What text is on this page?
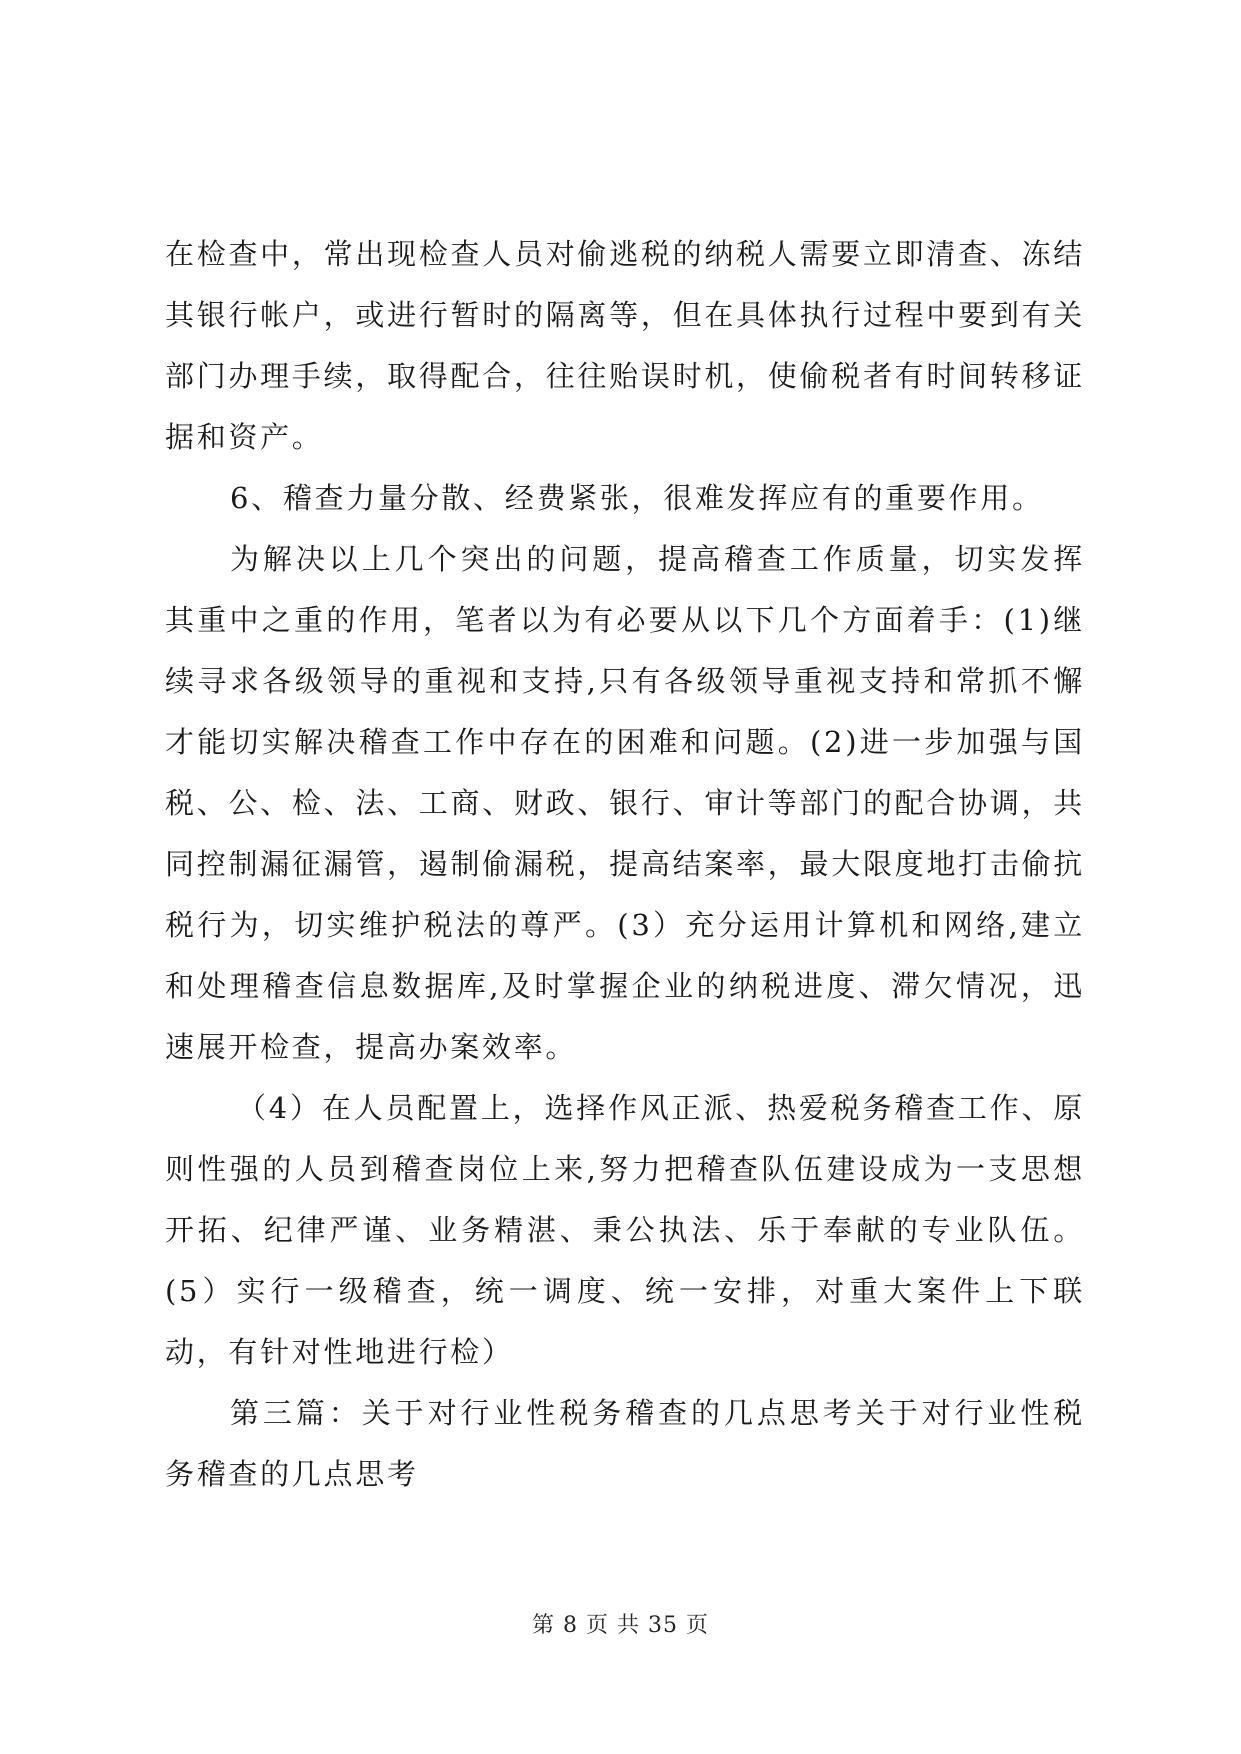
在检查中，常出现检查人员对偷逃税的纳税人需要立即清查、冻结其银行帐户，或进行暂时的隔离等，但在具体执行过程中要到有关部门办理手续，取得配合，往往贻误时机，使偷税者有时间转移证据和资产。

6、稽查力量分散、经费紧张，很难发挥应有的重要作用。

为解决以上几个突出的问题，提高稽查工作质量，切实发挥其重中之重的作用，笔者以为有必要从以下几个方面着手：(1)继续寻求各级领导的重视和支持,只有各级领导重视支持和常抓不懈才能切实解决稽查工作中存在的困难和问题。(2)进一步加强与国税、公、检、法、工商、财政、银行、审计等部门的配合协调，共同控制漏征漏管，遏制偷漏税，提高结案率，最大限度地打击偷抗税行为，切实维护税法的尊严。(3）充分运用计算机和网络,建立和处理稽查信息数据库,及时掌握企业的纳税进度、滞欠情况，迅速展开检查，提高办案效率。

（4）在人员配置上，选择作风正派、热爱税务稽查工作、原则性强的人员到稽查岗位上来,努力把稽查队伍建设成为一支思想开拓、纪律严谨、业务精湛、秉公执法、乐于奉献的专业队伍。(5）实行一级稽查，统一调度、统一安排，对重大案件上下联动，有针对性地进行检）

第三篇：关于对行业性税务稽查的几点思考关于对行业性税务稽查的几点思考

第 8 页 共 35 页
